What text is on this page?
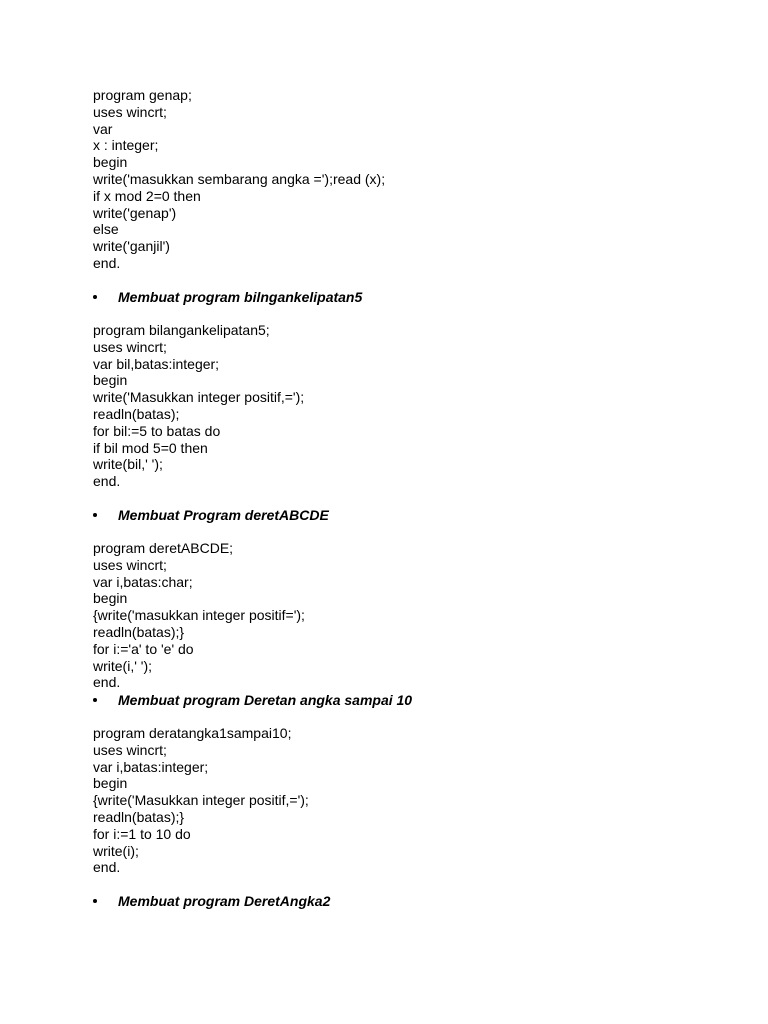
program genap;
uses wincrt;
var
x : integer;
begin
write('masukkan sembarang angka =');read (x);
if x mod 2=0 then
write('genap')
else
write('ganjil')
end.
Membuat program bilngankelipatan5
program bilangankelipatan5;
uses wincrt;
var bil,batas:integer;
begin
write('Masukkan integer positif,=');
readln(batas);
for bil:=5 to batas do
if bil mod 5=0 then
write(bil,' ');
end.
Membuat Program deretABCDE
program deretABCDE;
uses wincrt;
var i,batas:char;
begin
{write('masukkan integer positif=');
readln(batas);}
for i:='a' to 'e' do
write(i,' ');
end.
Membuat program Deretan angka sampai 10
program deratangka1sampai10;
uses wincrt;
var i,batas:integer;
begin
{write('Masukkan integer positif,=');
readln(batas);}
for i:=1 to 10 do
write(i);
end.
Membuat program DeretAngka2
